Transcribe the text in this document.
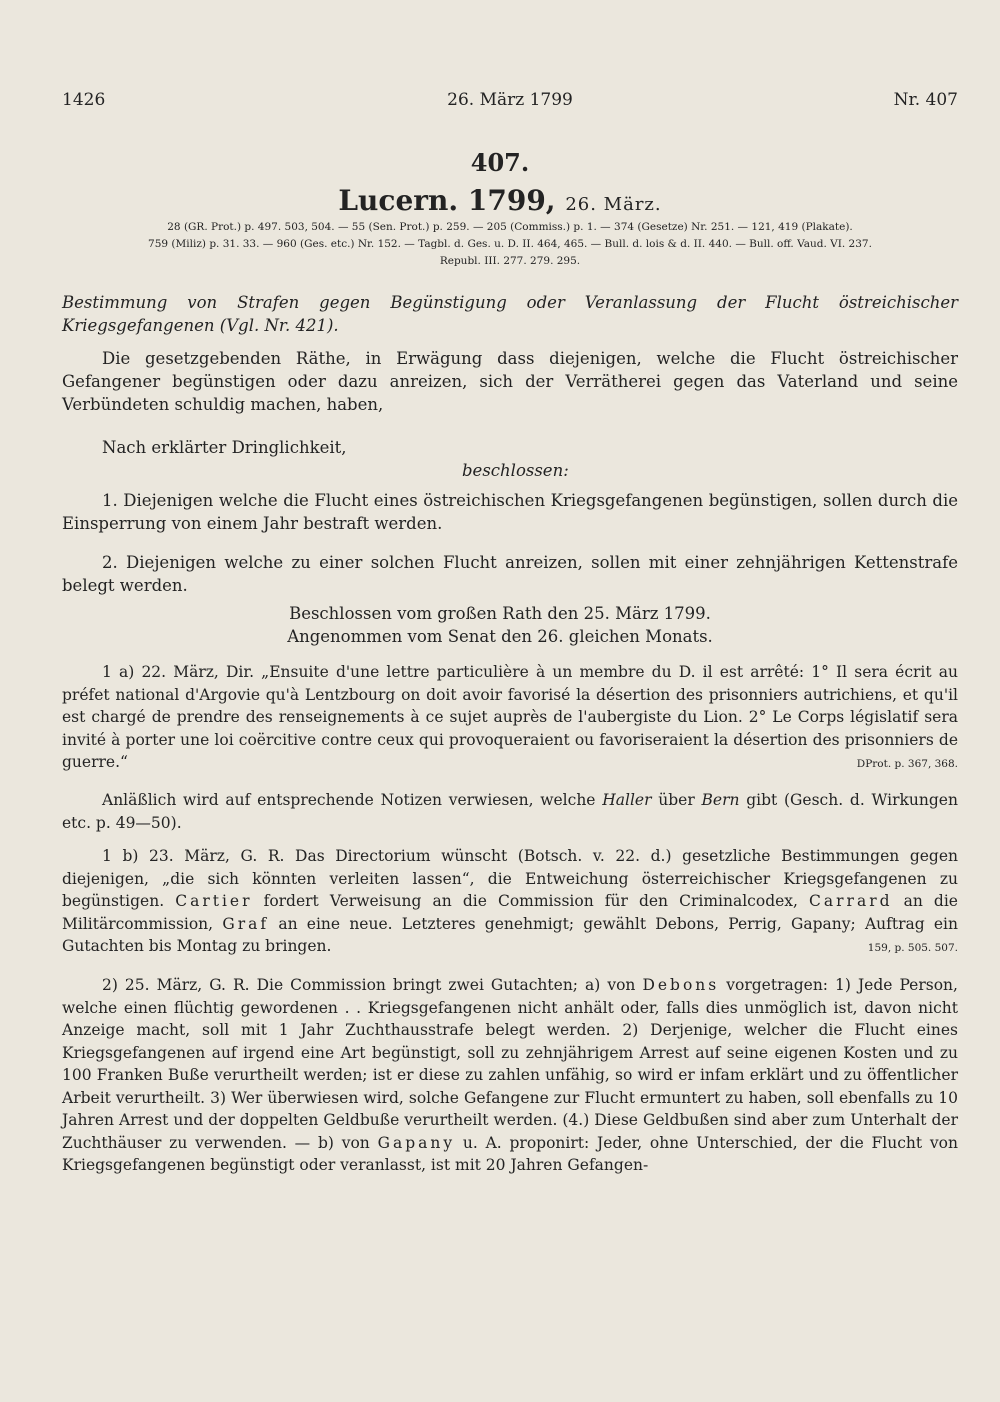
1426	26. März 1799	Nr. 407
407.
Lucern. 1799, 26. März.
28 (GR. Prot.) p. 497. 503, 504. — 55 (Sen. Prot.) p. 259. — 205 (Commiss.) p. 1. — 374 (Gesetze) Nr. 251. — 121, 419 (Plakate).
759 (Miliz) p. 31. 33. — 960 (Ges. etc.) Nr. 152. — Tagbl. d. Ges. u. D. II. 464, 465. — Bull. d. lois & d. II. 440. — Bull. off. Vaud. VI. 237.
Republ. III. 277. 279. 295.
Bestimmung von Strafen gegen Begünstigung oder Veranlassung der Flucht östreichischer Kriegsgefangenen (Vgl. Nr. 421).

Die gesetzgebenden Räthe, in Erwägung dass diejenigen, welche die Flucht östreichischer Gefangener begünstigen oder dazu anreizen, sich der Verrätherei gegen das Vaterland und seine Verbündeten schuldig machen, haben,

Nach erklärter Dringlichkeit,

beschlossen:

1. Diejenigen welche die Flucht eines östreichischen Kriegsgefangenen begünstigen, sollen durch die Einsperrung von einem Jahr bestraft werden.

2. Diejenigen welche zu einer solchen Flucht anreizen, sollen mit einer zehnjährigen Kettenstrafe belegt werden.

Beschlossen vom großen Rath den 25. März 1799.
Angenommen vom Senat den 26. gleichen Monats.

1 a) 22. März, Dir. „Ensuite d'une lettre particulière à un membre du D. il est arrêté: 1° Il sera écrit au préfet national d'Argovie qu'à Lentzbourg on doit avoir favorisé la désertion des prisonniers autrichiens, et qu'il est chargé de prendre des renseignements à ce sujet auprès de l'aubergiste du Lion. 2° Le Corps législatif sera invité à porter une loi coërcitive contre ceux qui provoqueraient ou favoriseraient la désertion des prisonniers de guerre.“	DProt. p. 367, 368.

Anläßlich wird auf entsprechende Notizen verwiesen, welche Haller über Bern gibt (Gesch. d. Wirkungen etc. p. 49—50).

1 b) 23. März, G. R. Das Directorium wünscht (Botsch. v. 22. d.) gesetzliche Bestimmungen gegen diejenigen, „die sich könnten verleiten lassen“, die Entweichung österreichischer Kriegsgefangenen zu begünstigen. Cartier fordert Verweisung an die Commission für den Criminalcodex, Carrard an die Militärcommission, Graf an eine neue. Letzteres genehmigt; gewählt Debons, Perrig, Gapany; Auftrag ein Gutachten bis Montag zu bringen.	159, p. 505. 507.

2) 25. März, G. R. Die Commission bringt zwei Gutachten; a) von Debons vorgetragen: 1) Jede Person, welche einen flüchtig gewordenen . . Kriegsgefangenen nicht anhält oder, falls dies unmöglich ist, davon nicht Anzeige macht, soll mit 1 Jahr Zuchthausstrafe belegt werden. 2) Derjenige, welcher die Flucht eines Kriegsgefangenen auf irgend eine Art begünstigt, soll zu zehnjährigem Arrest auf seine eigenen Kosten und zu 100 Franken Buße verurtheilt werden; ist er diese zu zahlen unfähig, so wird er infam erklärt und zu öffentlicher Arbeit verurtheilt. 3) Wer überwiesen wird, solche Gefangene zur Flucht ermuntert zu haben, soll ebenfalls zu 10 Jahren Arrest und der doppelten Geldbuße verurtheilt werden. (4.) Diese Geldbußen sind aber zum Unterhalt der Zuchthäuser zu verwenden. — b) von Gapany u. A. proponirt: Jeder, ohne Unterschied, der die Flucht von Kriegsgefangenen begünstigt oder veranlasst, ist mit 20 Jahren Gefangen-
